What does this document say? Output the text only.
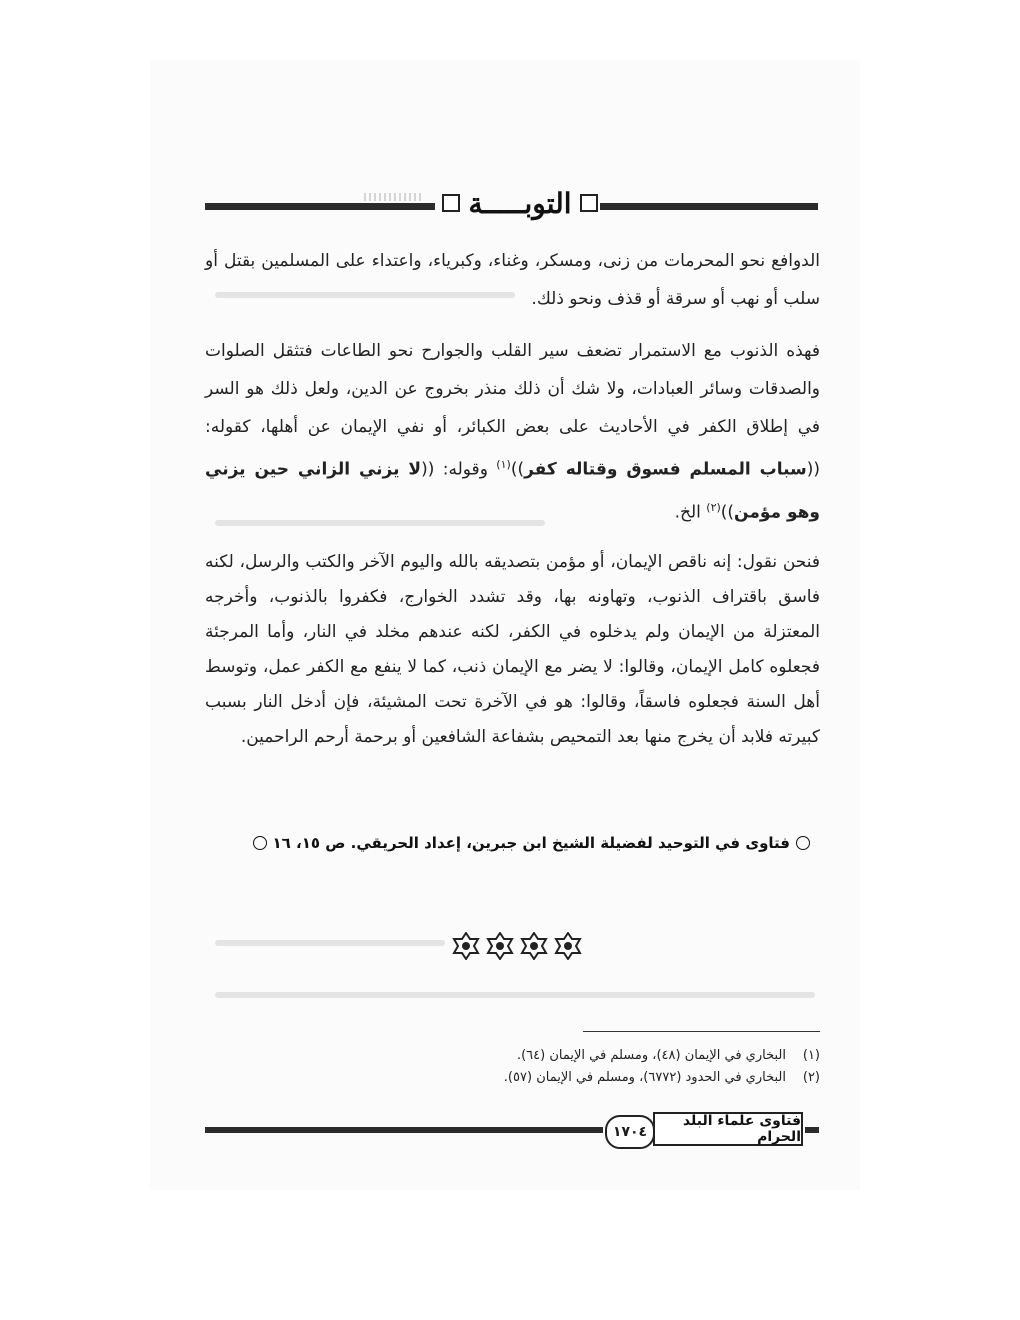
التوبـــــة

الدوافع نحو المحرمات من زنى، ومسكر، وغناء، وكبرياء، واعتداء على المسلمين بقتل أو سلب أو نهب أو سرقة أو قذف ونحو ذلك.

فهذه الذنوب مع الاستمرار تضعف سير القلب والجوارح نحو الطاعات فتثقل الصلوات والصدقات وسائر العبادات، ولا شك أن ذلك منذر بخروج عن الدين، ولعل ذلك هو السر في إطلاق الكفر في الأحاديث على بعض الكبائر، أو نفي الإيمان عن أهلها، كقوله: ((سباب المسلم فسوق وقتاله كفر))$^{(١)}$ وقوله: ((لا يزني الزاني حين يزني وهو مؤمن))$^{(٢)}$ الخ.

فنحن نقول: إنه ناقص الإيمان، أو مؤمن بتصديقه بالله واليوم الآخر والكتب والرسل، لكنه فاسق باقتراف الذنوب، وتهاونه بها، وقد تشدد الخوارج، فكفروا بالذنوب، وأخرجه المعتزلة من الإيمان ولم يدخلوه في الكفر، لكنه عندهم مخلد في النار، وأما المرجئة فجعلوه كامل الإيمان، وقالوا: لا يضر مع الإيمان ذنب، كما لا ينفع مع الكفر عمل، وتوسط أهل السنة فجعلوه فاسقاً، وقالوا: هو في الآخرة تحت المشيئة، فإن أدخل النار بسبب كبيرته فلابد أن يخرج منها بعد التمحيص بشفاعة الشافعين أو برحمة أرحم الراحمين.

فتاوى في التوحيد لفضيلة الشيخ ابن جبرين، إعداد الحريقي. ص ١٥، ١٦
(١)
البخاري في الإيمان (٤٨)، ومسلم في الإيمان (٦٤).
(٢)
البخاري في الحدود (٦٧٧٢)، ومسلم في الإيمان (٥٧).
١٧٠٤
فتاوى علماء البلد الحرام
